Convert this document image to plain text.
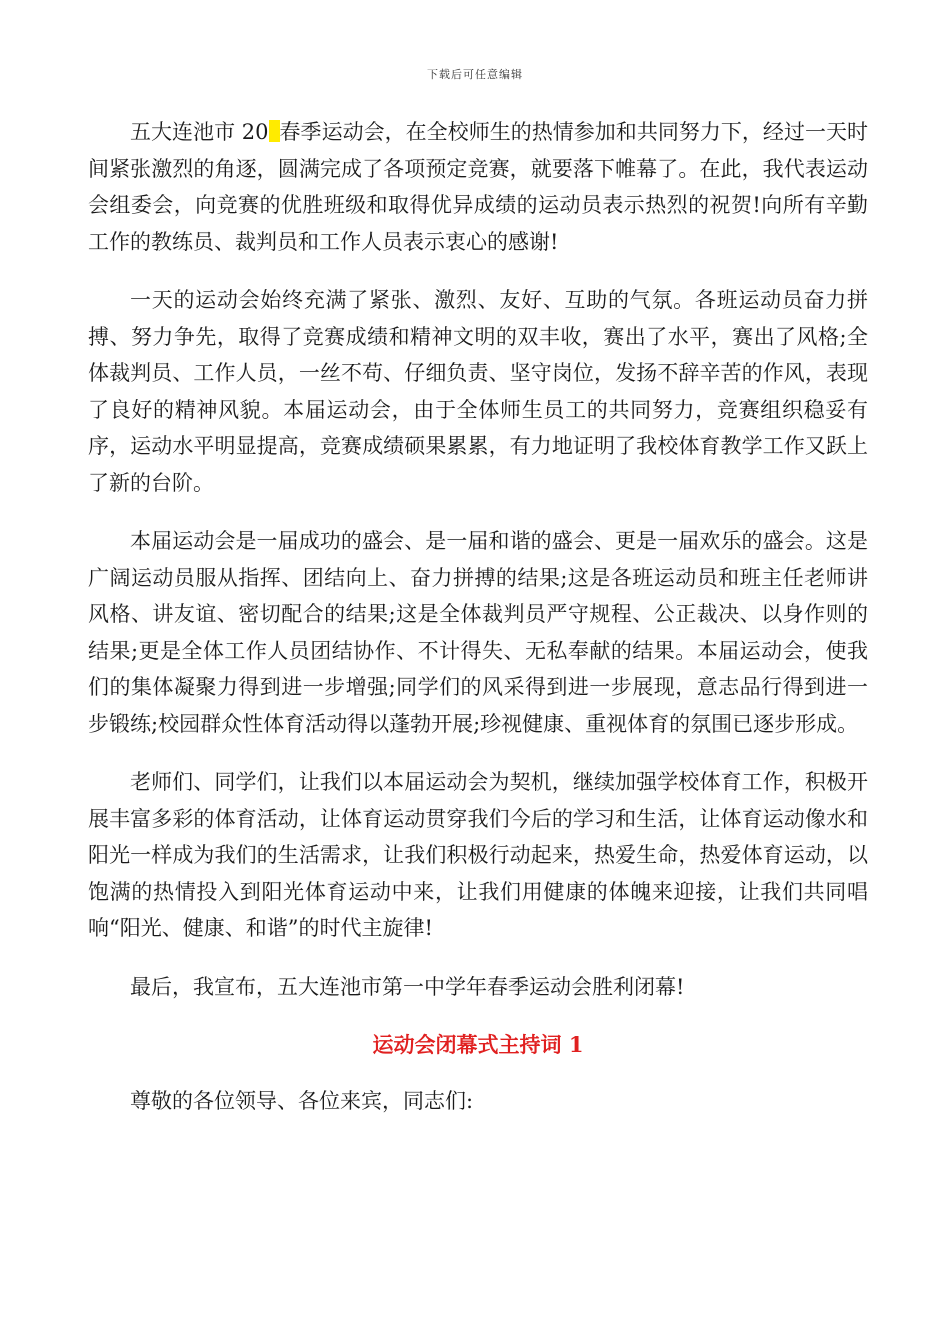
下载后可任意编辑

五大连池市 20 春季运动会，在全校师生的热情参加和共同努力下，经过一天时间紧张激烈的角逐，圆满完成了各项预定竞赛，就要落下帷幕了。在此，我代表运动会组委会，向竞赛的优胜班级和取得优异成绩的运动员表示热烈的祝贺!向所有辛勤工作的教练员、裁判员和工作人员表示衷心的感谢!

一天的运动会始终充满了紧张、激烈、友好、互助的气氛。各班运动员奋力拼搏、努力争先，取得了竞赛成绩和精神文明的双丰收，赛出了水平，赛出了风格;全体裁判员、工作人员，一丝不苟、仔细负责、坚守岗位，发扬不辞辛苦的作风，表现了良好的精神风貌。本届运动会，由于全体师生员工的共同努力，竞赛组织稳妥有序，运动水平明显提高，竞赛成绩硕果累累，有力地证明了我校体育教学工作又跃上了新的台阶。

本届运动会是一届成功的盛会、是一届和谐的盛会、更是一届欢乐的盛会。这是广阔运动员服从指挥、团结向上、奋力拼搏的结果;这是各班运动员和班主任老师讲风格、讲友谊、密切配合的结果;这是全体裁判员严守规程、公正裁决、以身作则的结果;更是全体工作人员团结协作、不计得失、无私奉献的结果。本届运动会，使我们的集体凝聚力得到进一步增强;同学们的风采得到进一步展现，意志品行得到进一步锻练;校园群众性体育活动得以蓬勃开展;珍视健康、重视体育的氛围已逐步形成。

老师们、同学们，让我们以本届运动会为契机，继续加强学校体育工作，积极开展丰富多彩的体育活动，让体育运动贯穿我们今后的学习和生活，让体育运动像水和阳光一样成为我们的生活需求，让我们积极行动起来，热爱生命，热爱体育运动，以饱满的热情投入到阳光体育运动中来，让我们用健康的体魄来迎接，让我们共同唱响“阳光、健康、和谐”的时代主旋律!

最后，我宣布，五大连池市第一中学年春季运动会胜利闭幕!

运动会闭幕式主持词 1

尊敬的各位领导、各位来宾，同志们:
